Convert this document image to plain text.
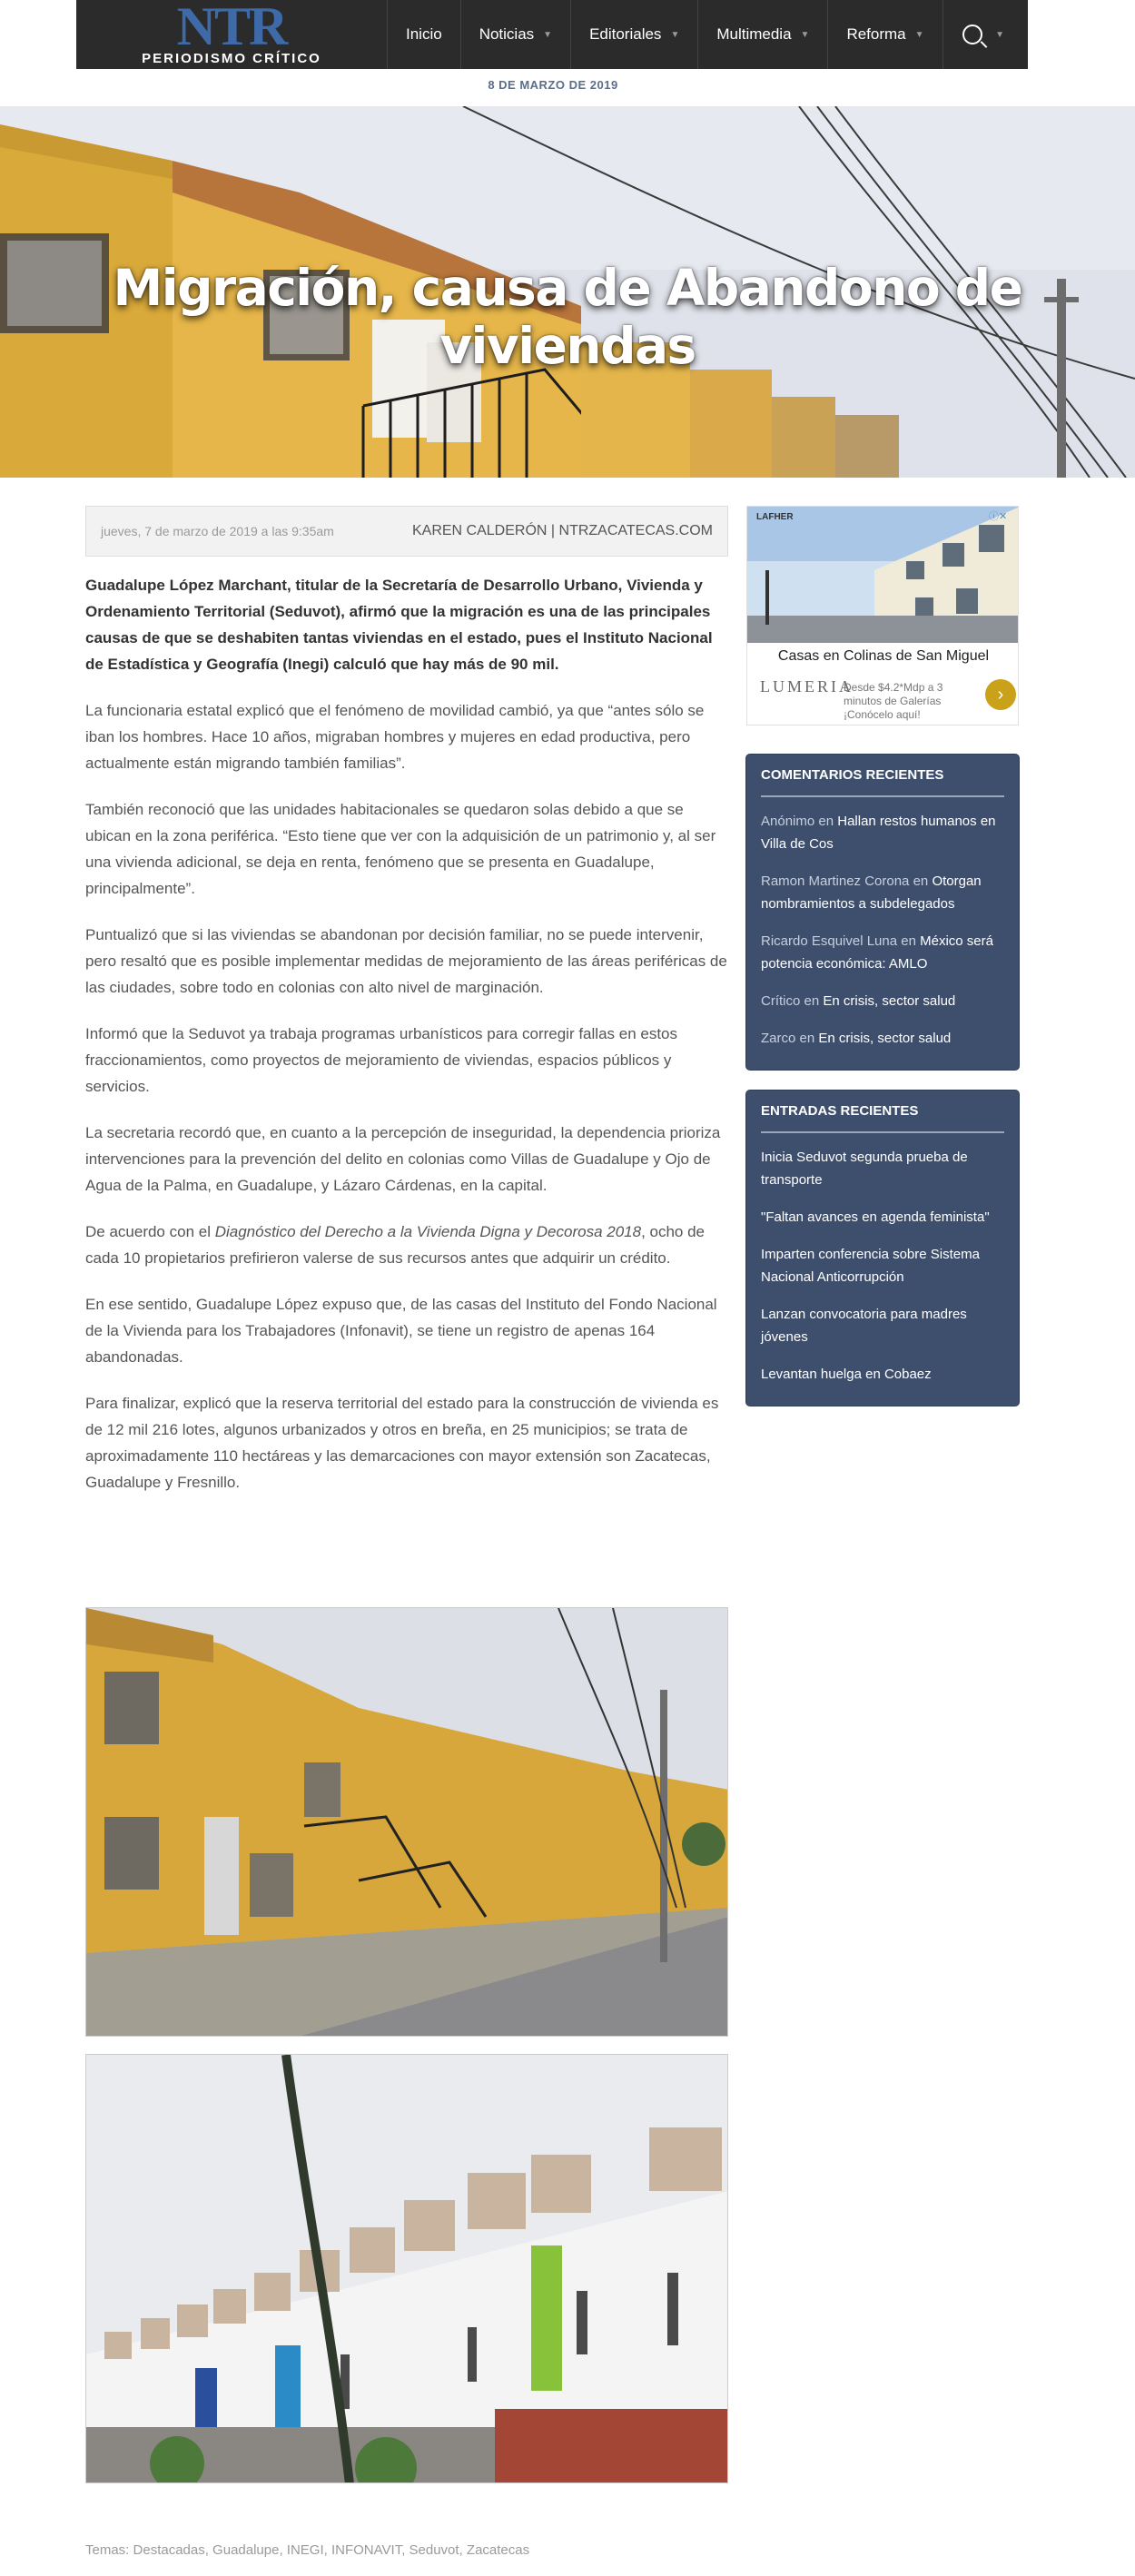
NTR
PERIODISMO CRÍTICO
Inicio Noticias ▼ Editoriales ▼ Multimedia ▼ Reforma ▼	▼
8 DE MARZO DE 2019
Migración, causa de Abandono de viviendas
jueves, 7 de marzo de 2019 a las 9:35am	KAREN CALDERÓN | NTRZACATECAS.COM

Guadalupe López Marchant, titular de la Secretaría de Desarrollo Urbano, Vivienda y Ordenamiento Territorial (Seduvot), afirmó que la migración es una de las principales causas de que se deshabiten tantas viviendas en el estado, pues el Instituto Nacional de Estadística y Geografía (Inegi) calculó que hay más de 90 mil.

La funcionaria estatal explicó que el fenómeno de movilidad cambió, ya que “antes sólo se iban los hombres. Hace 10 años, migraban hombres y mujeres en edad productiva, pero actualmente están migrando también familias”.

También reconoció que las unidades habitacionales se quedaron solas debido a que se ubican en la zona periférica. “Esto tiene que ver con la adquisición de un patrimonio y, al ser una vivienda adicional, se deja en renta, fenómeno que se presenta en Guadalupe, principalmente”.

Puntualizó que si las viviendas se abandonan por decisión familiar, no se puede intervenir, pero resaltó que es posible implementar medidas de mejoramiento de las áreas periféricas de las ciudades, sobre todo en colonias con alto nivel de marginación.

Informó que la Seduvot ya trabaja programas urbanísticos para corregir fallas en estos fraccionamientos, como proyectos de mejoramiento de viviendas, espacios públicos y servicios.

La secretaria recordó que, en cuanto a la percepción de inseguridad, la dependencia prioriza intervenciones para la prevención del delito en colonias como Villas de Guadalupe y Ojo de Agua de la Palma, en Guadalupe, y Lázaro Cárdenas, en la capital.

De acuerdo con el Diagnóstico del Derecho a la Vivienda Digna y Decorosa 2018, ocho de cada 10 propietarios prefirieron valerse de sus recursos antes que adquirir un crédito.

En ese sentido, Guadalupe López expuso que, de las casas del Instituto del Fondo Nacional de la Vivienda para los Trabajadores (Infonavit), se tiene un registro de apenas 164 abandonadas.

Para finalizar, explicó que la reserva territorial del estado para la construcción de vivienda es de 12 mil 216 lotes, algunos urbanizados y otros en breña, en 25 municipios; se trata de aproximadamente 110 hectáreas y las demarcaciones con mayor extensión son Zacatecas, Guadalupe y Fresnillo.

Temas: Destacadas, Guadalupe, INEGI, INFONAVIT, Seduvot, Zacatecas
LAFHER	ⓘ✕
Casas en Colinas de San Miguel
LUMERIA
Desde $4.2*Mdp a 3 minutos de Galerías ¡Conócelo aquí!
›
COMENTARIOS RECIENTES
Anónimo en Hallan restos humanos en Villa de Cos
Ramon Martinez Corona en Otorgan nombramientos a subdelegados
Ricardo Esquivel Luna en México será potencia económica: AMLO
Crítico en En crisis, sector salud
Zarco en En crisis, sector salud
ENTRADAS RECIENTES
Inicia Seduvot segunda prueba de transporte
"Faltan avances en agenda feminista"
Imparten conferencia sobre Sistema Nacional Anticorrupción
Lanzan convocatoria para madres jóvenes
Levantan huelga en Cobaez
